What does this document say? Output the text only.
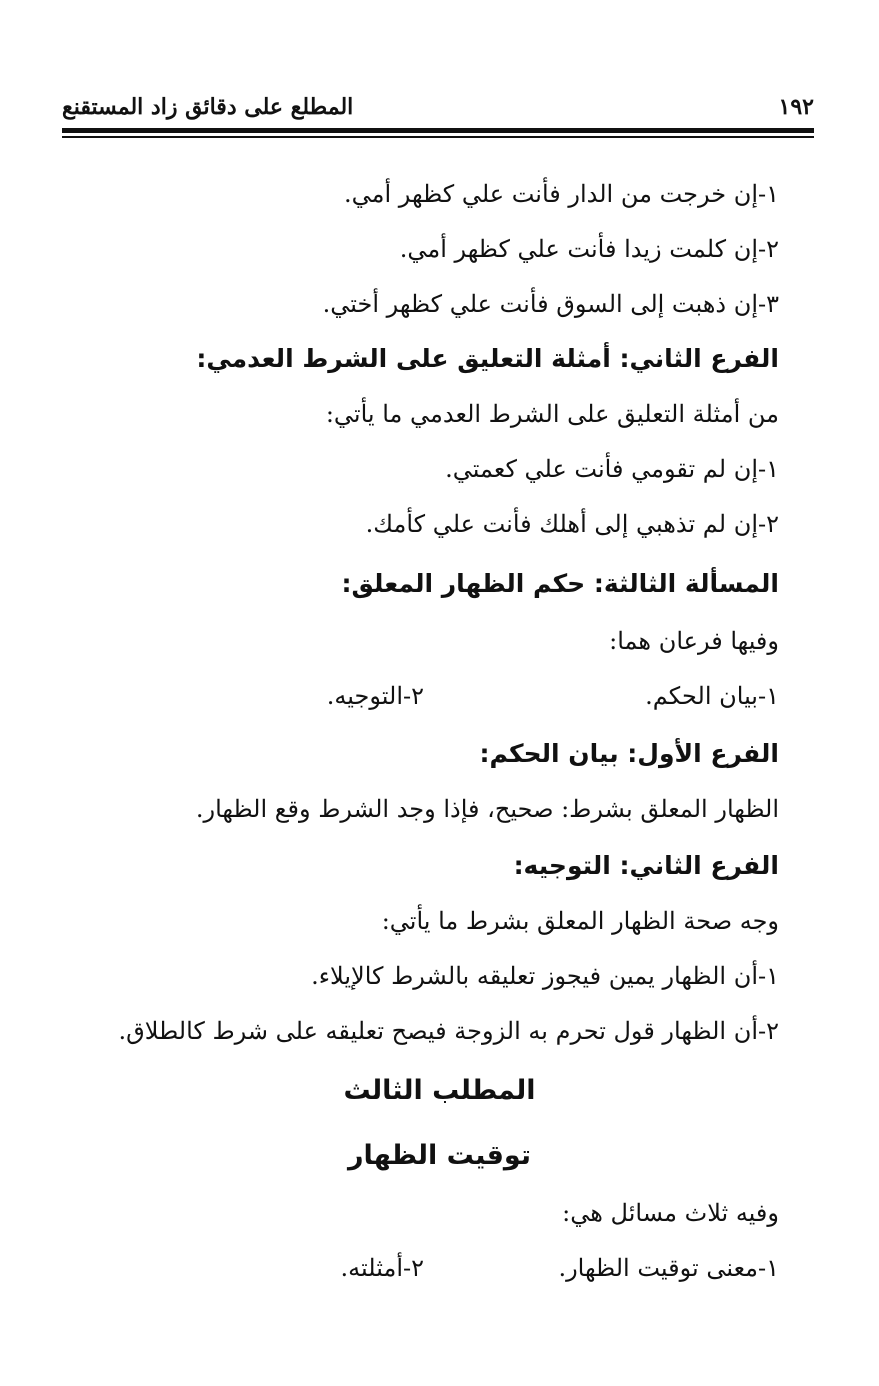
١٩٢
المطلع على دقائق زاد المستقنع
١-إن خرجت من الدار فأنت علي كظهر أمي.
٢-إن كلمت زيدا فأنت علي كظهر أمي.
٣-إن ذهبت إلى السوق فأنت علي كظهر أختي.
الفرع الثاني: أمثلة التعليق على الشرط العدمي:
من أمثلة التعليق على الشرط العدمي ما يأتي:
١-إن لم تقومي فأنت علي كعمتي.
٢-إن لم تذهبي إلى أهلك فأنت علي كأمك.
المسألة الثالثة: حكم الظهار المعلق:
وفيها فرعان هما:
١-بيان الحكم.
٢-التوجيه.
الفرع الأول: بيان الحكم:
الظهار المعلق بشرط: صحيح، فإذا وجد الشرط وقع الظهار.
الفرع الثاني: التوجيه:
وجه صحة الظهار المعلق بشرط ما يأتي:
١-أن الظهار يمين فيجوز تعليقه بالشرط كالإيلاء.
٢-أن الظهار قول تحرم به الزوجة فيصح تعليقه على شرط كالطلاق.
المطلب الثالث
توقيت الظهار
وفيه ثلاث مسائل هي:
١-معنى توقيت الظهار.
٢-أمثلته.
